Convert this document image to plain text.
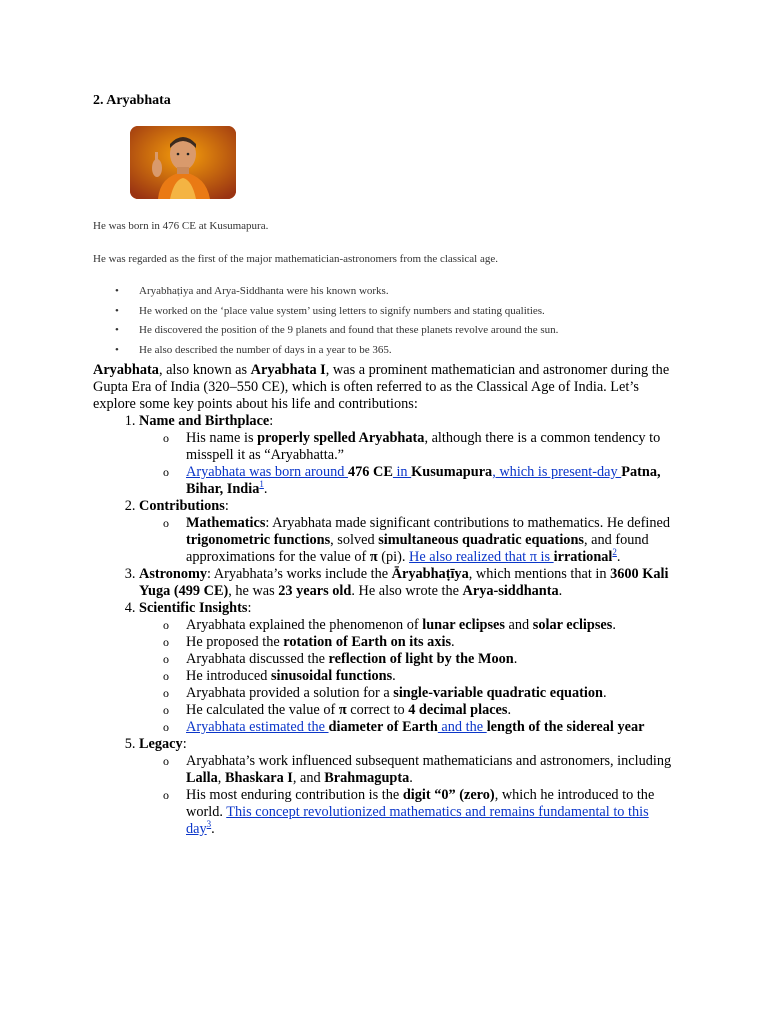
2. Aryabhata
He was born in 476 CE at Kusumapura.
He was regarded as the first of the major mathematician-astronomers from the classical age.
• Aryabhaṭiya and Arya-Siddhanta were his known works.
• He worked on the ‘place value system’ using letters to signify numbers and stating qualities.
• He discovered the position of the 9 planets and found that these planets revolve around the sun.
• He also described the number of days in a year to be 365.

Aryabhata, also known as Aryabhata I, was a prominent mathematician and astronomer during the Gupta Era of India (320–550 CE), which is often referred to as the Classical Age of India. Let’s explore some key points about his life and contributions:

1. Name and Birthplace:
o His name is properly spelled Aryabhata, although there is a common tendency to misspell it as “Aryabhatta.”
o Aryabhata was born around 476 CE in Kusumapura, which is present-day Patna, Bihar, India$^1$.
2. Contributions:
o Mathematics: Aryabhata made significant contributions to mathematics. He defined trigonometric functions, solved simultaneous quadratic equations, and found approximations for the value of π (pi). He also realized that π is irrational$^2$.
3. Astronomy: Aryabhata’s works include the Āryabhaṭīya, which mentions that in 3600 Kali Yuga (499 CE), he was 23 years old. He also wrote the Arya-siddhanta.
4. Scientific Insights:
o Aryabhata explained the phenomenon of lunar eclipses and solar eclipses.
o He proposed the rotation of Earth on its axis.
o Aryabhata discussed the reflection of light by the Moon.
o He introduced sinusoidal functions.
o Aryabhata provided a solution for a single-variable quadratic equation.
o He calculated the value of π correct to 4 decimal places.
o Aryabhata estimated the diameter of Earth and the length of the sidereal year
5. Legacy:
o Aryabhata’s work influenced subsequent mathematicians and astronomers, including Lalla, Bhaskara I, and Brahmagupta.
o His most enduring contribution is the digit “0” (zero), which he introduced to the world. This concept revolutionized mathematics and remains fundamental to this day$^3$.
